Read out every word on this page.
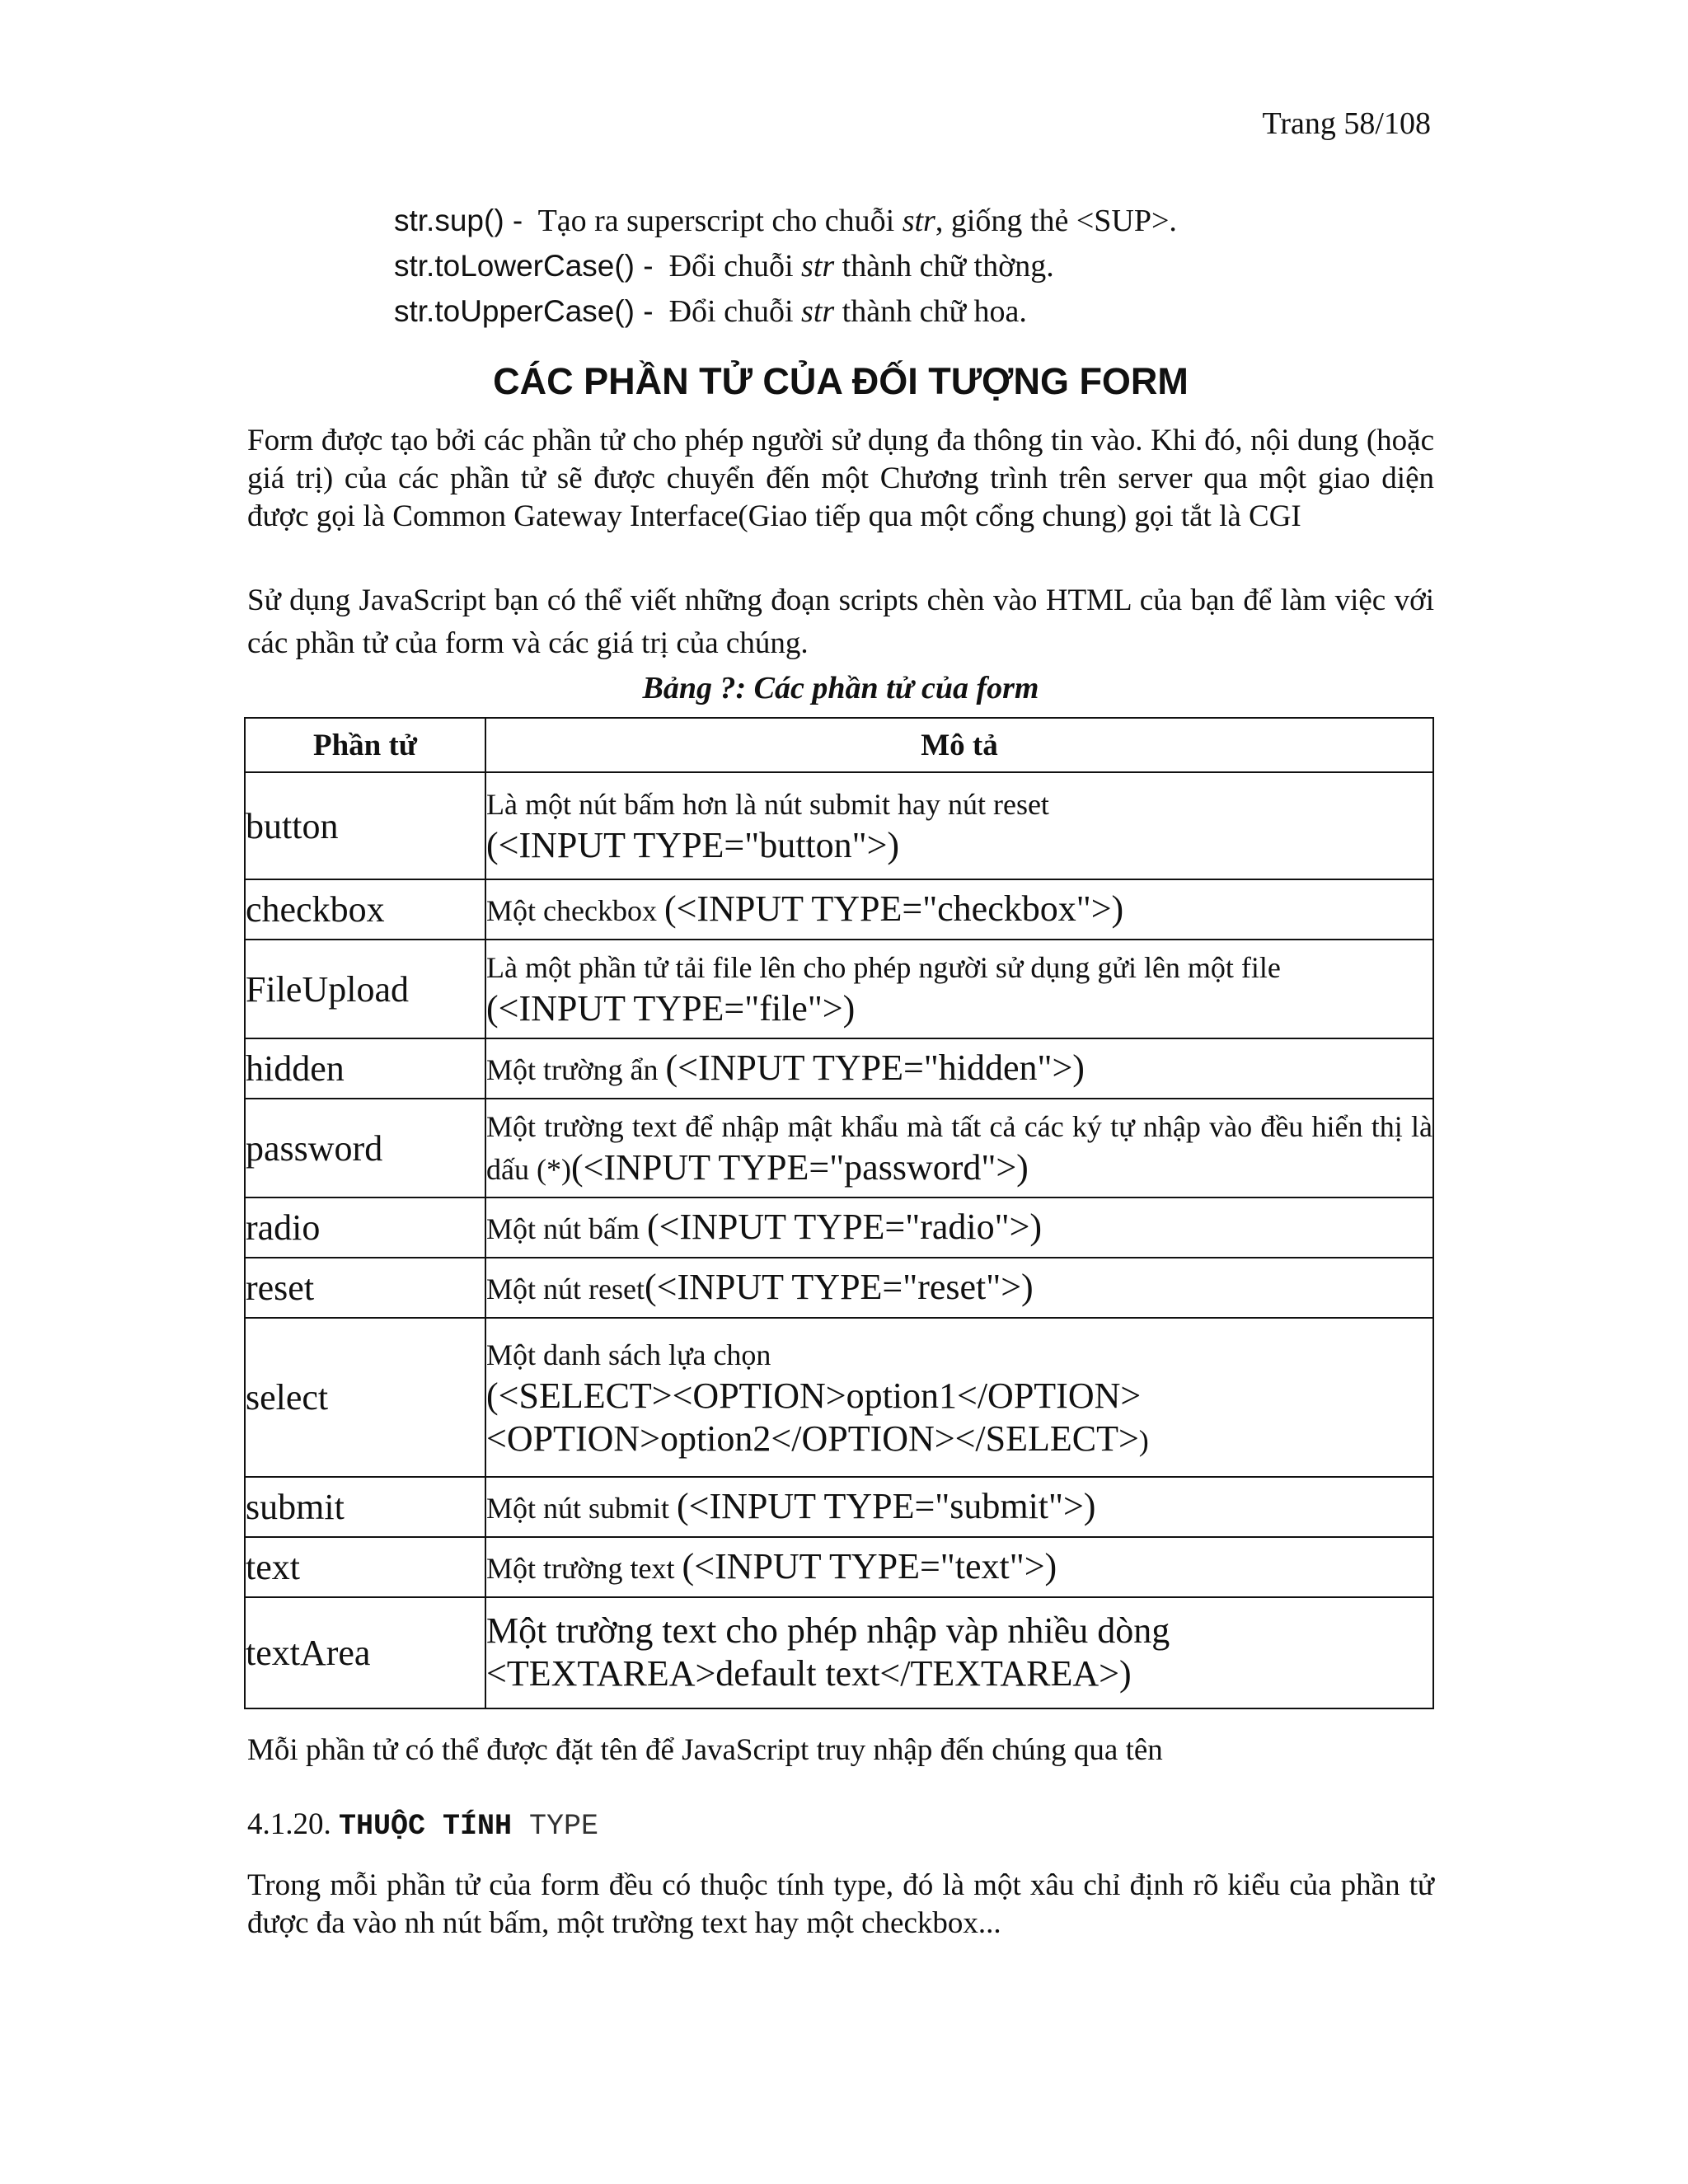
Trang 58/108
str.sup() - Tạo ra superscript cho chuỗi str, giống thẻ <SUP>.
str.toLowerCase() - Đổi chuỗi str thành chữ thờng.
str.toUpperCase() - Đổi chuỗi str thành chữ hoa.
CÁC PHẦN TỬ CỦA ĐỐI TƯỢNG FORM
Form được tạo bởi các phần tử cho phép người sử dụng đa thông tin vào. Khi đó, nội dung (hoặc giá trị) của các phần tử sẽ được chuyển đến một Chương trình trên server qua một giao diện được gọi là Common Gateway Interface(Giao tiếp qua một cổng chung) gọi tắt là CGI
Sử dụng JavaScript bạn có thể viết những đoạn scripts chèn vào HTML của bạn để làm việc với các phần tử của form và các giá trị của chúng.
Bảng ?: Các phần tử của form
Phần tử	Mô tả
button	Là một nút bấm hơn là nút submit hay nút reset
(<INPUT TYPE="button">)
checkbox	Một checkbox (<INPUT TYPE="checkbox">)
FileUpload	Là một phần tử tải file lên cho phép người sử dụng gửi lên một file
(<INPUT TYPE="file">)
hidden	Một trường ẩn (<INPUT TYPE="hidden">)
password	Một trường text để nhập mật khẩu mà tất cả các ký tự nhập vào đều hiển thị là dấu (*)(<INPUT TYPE="password">)
radio	Một nút bấm (<INPUT TYPE="radio">)
reset	Một nút reset(<INPUT TYPE="reset">)
select	Một danh sách lựa chọn
(<SELECT><OPTION>option1</OPTION>
<OPTION>option2</OPTION></SELECT>)
submit	Một nút submit (<INPUT TYPE="submit">)
text	Một trường text (<INPUT TYPE="text">)
textArea	Một trường text cho phép nhập vàp nhiều dòng
<TEXTAREA>default text</TEXTAREA>)
Mỗi phần tử có thể được đặt tên để JavaScript truy nhập đến chúng qua tên
4.1.20. THUỘC TÍNH TYPE
Trong mỗi phần tử của form đều có thuộc tính type, đó là một xâu chỉ định rõ kiểu của phần tử được đa vào nh nút bấm, một trường text hay một checkbox...
